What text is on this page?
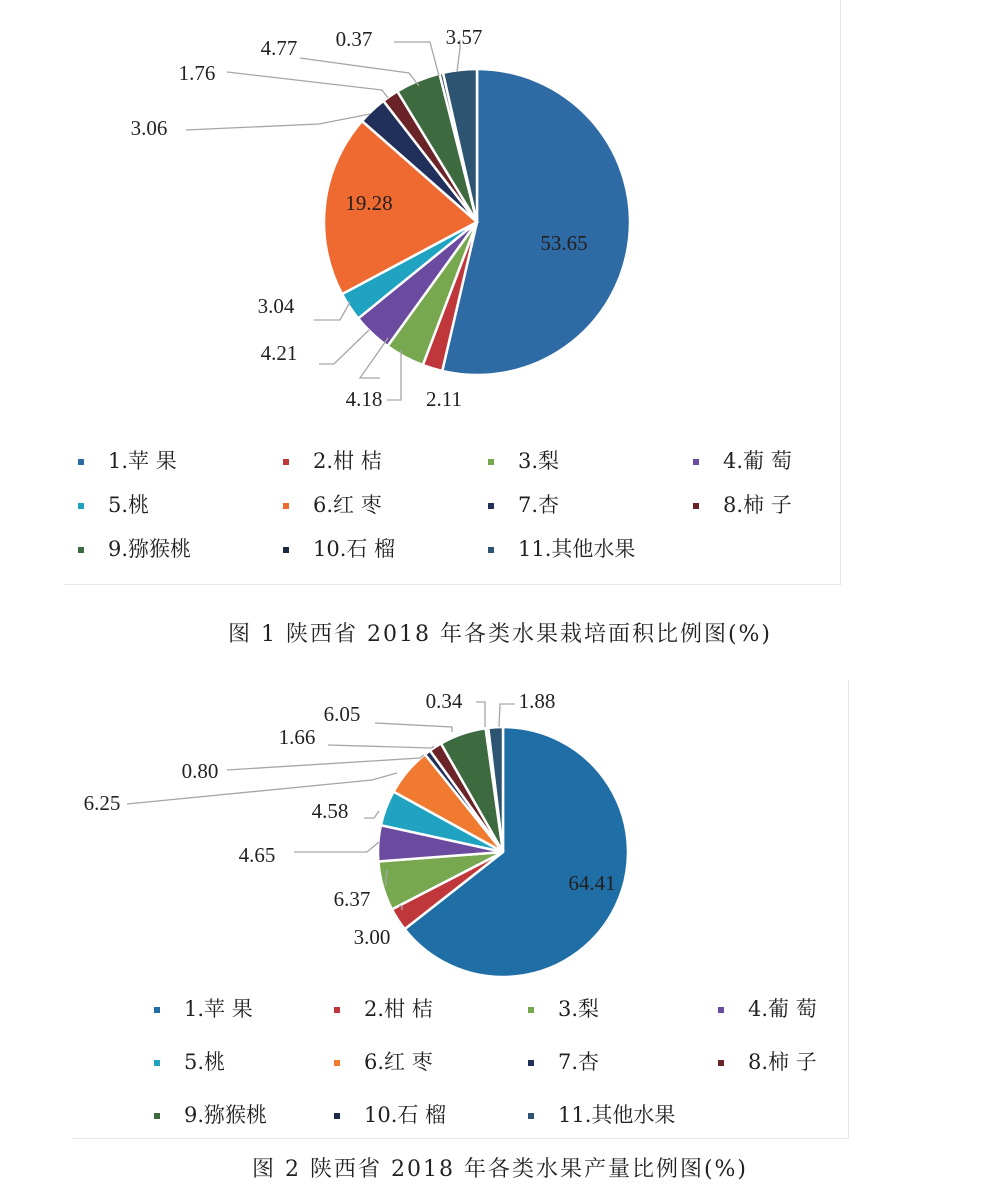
53.65
2.11
4.18
4.21
3.04
19.28
3.06
1.76
4.77 0.37	3.57
1.苹 果	2.柑 桔	3.梨	4.葡 萄
5.桃	6.红 枣	7.杏	8.柿 子
9.猕猴桃	10.石 榴	11.其他水果
图 1 陕西省 2018 年各类水果栽培面积比例图(%)
64.41
3.00
6.37
4.65
4.58
6.25
0.80
1.66
6.05
0.34	1.88
1.苹 果	2.柑 桔	3.梨	4.葡 萄
5.桃	6.红 枣	7.杏	8.柿 子
9.猕猴桃	10.石 榴	11.其他水果
图 2 陕西省 2018 年各类水果产量比例图(%)
